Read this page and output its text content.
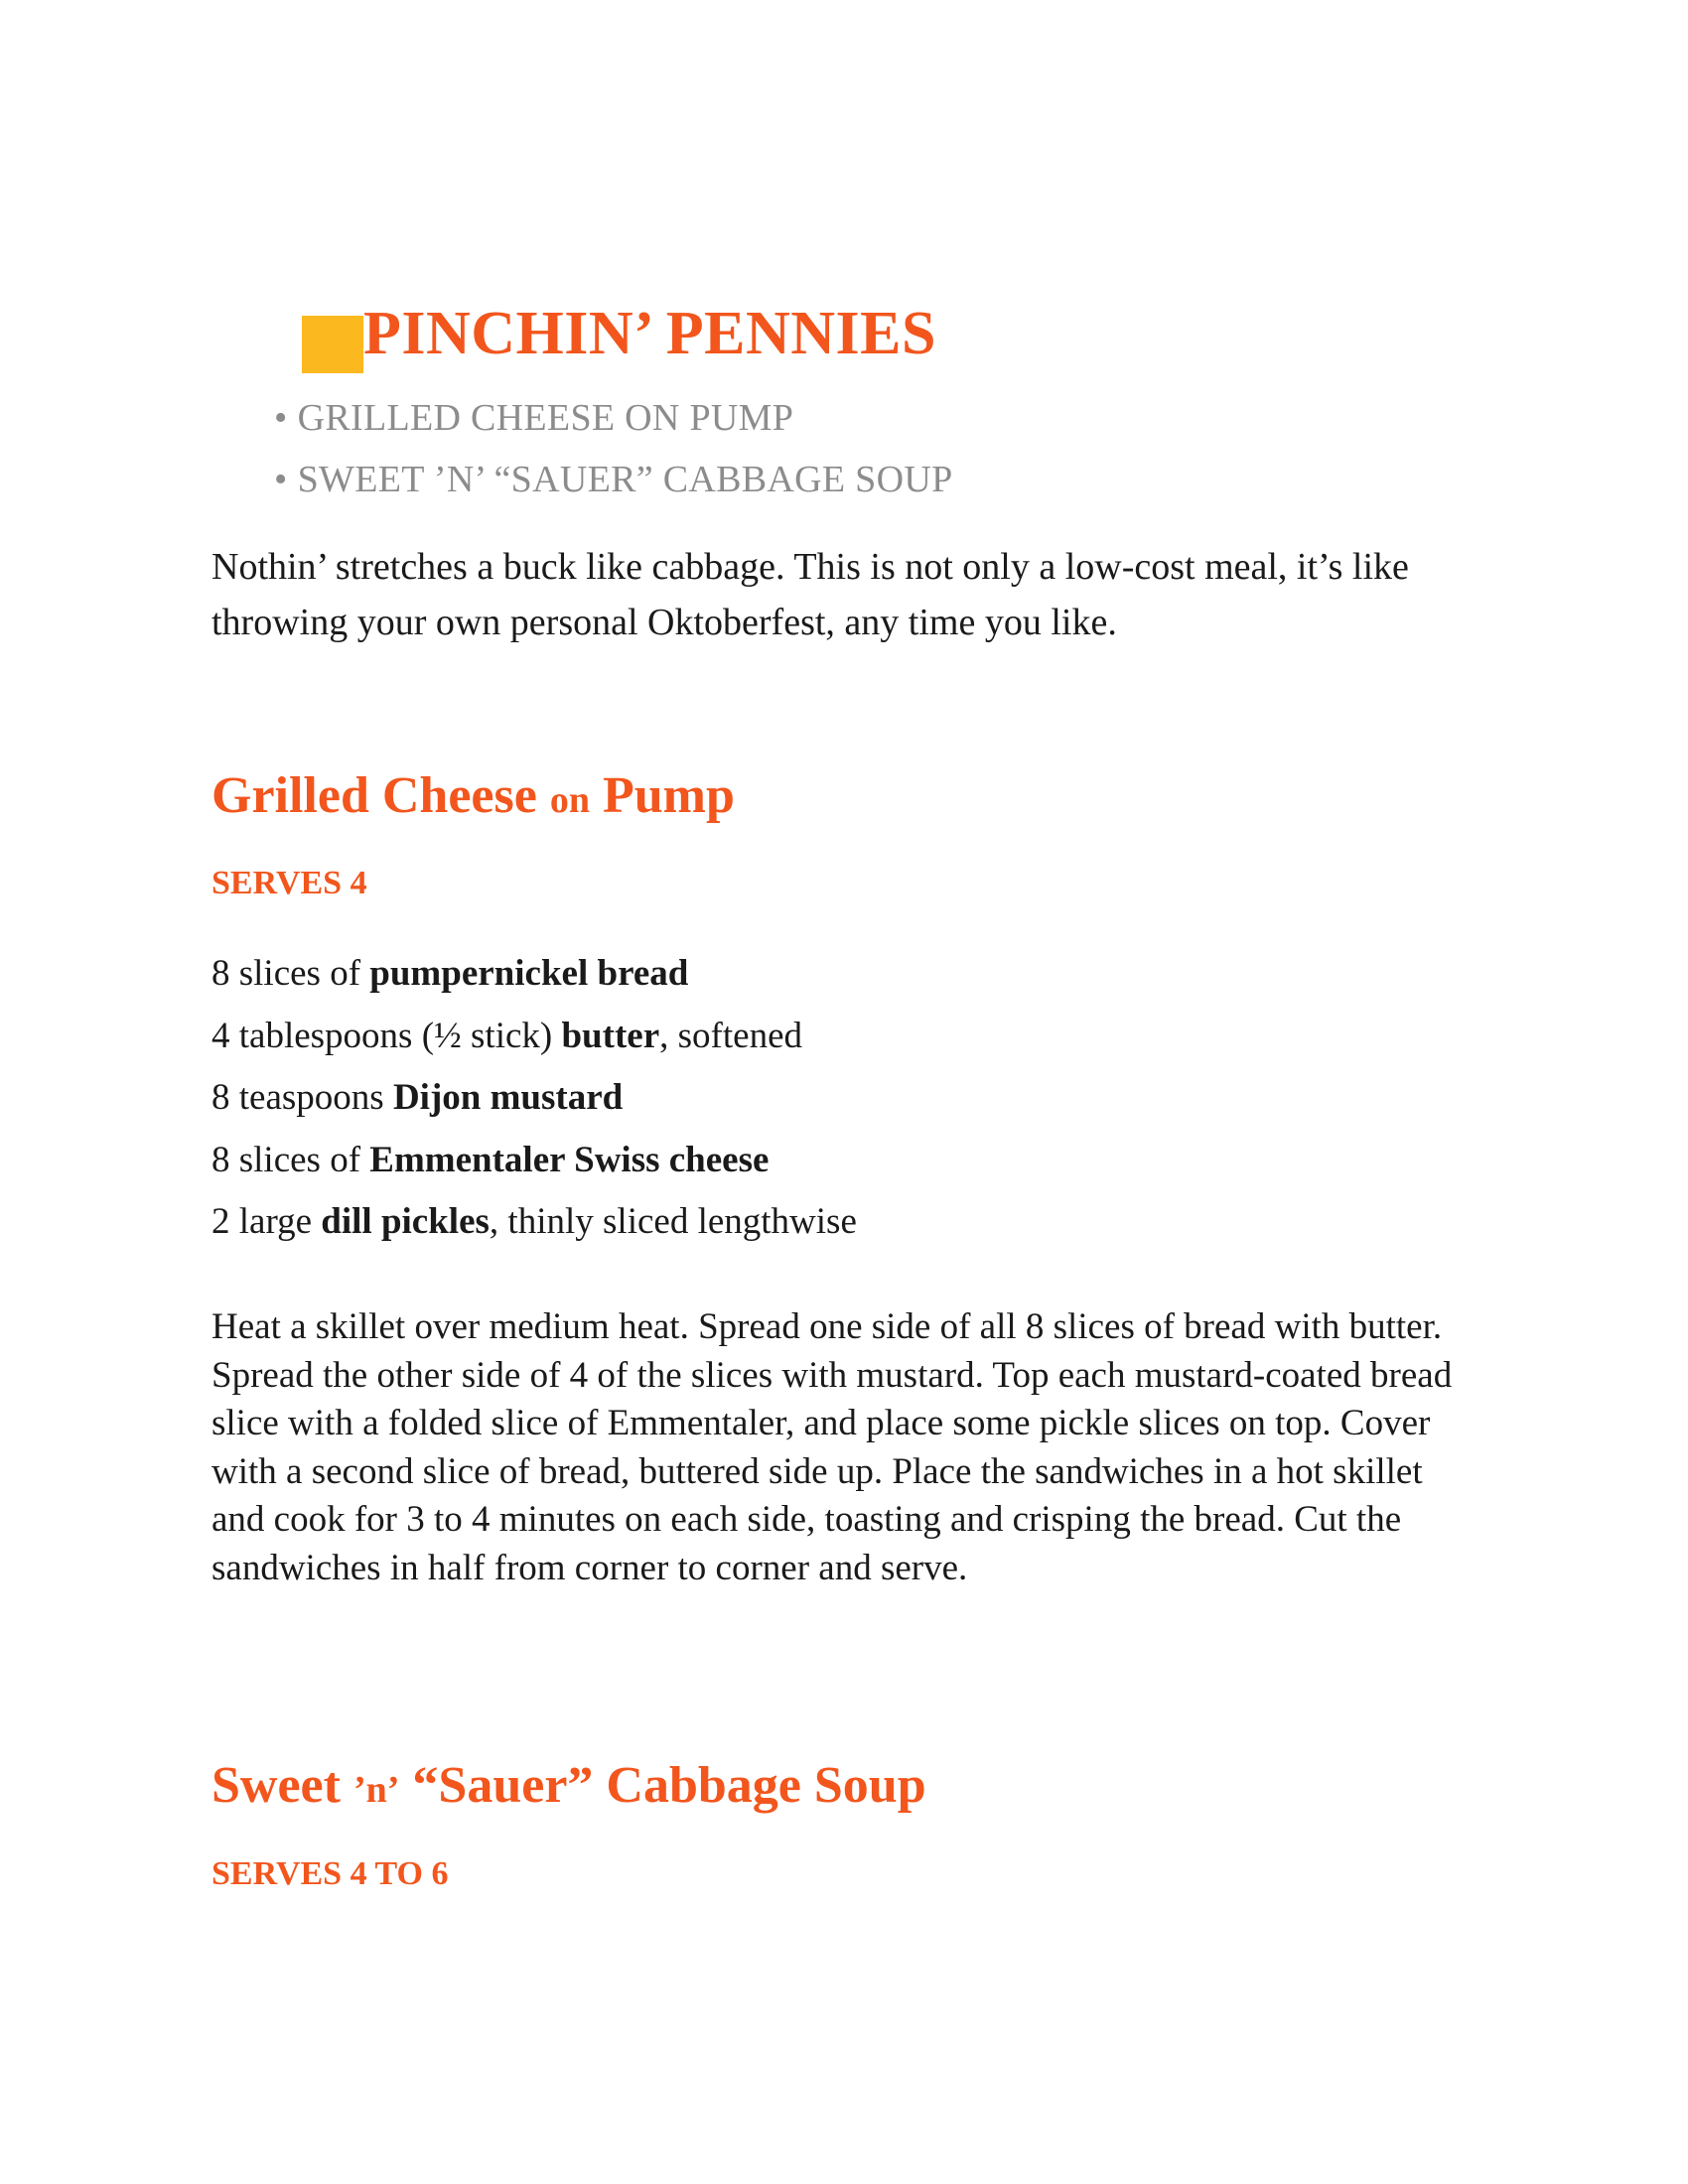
PINCHIN’ PENNIES
• GRILLED CHEESE ON PUMP
• SWEET ’N’ “SAUER” CABBAGE SOUP

Nothin’ stretches a buck like cabbage. This is not only a low-cost meal, it’s like throwing your own personal Oktoberfest, any time you like.

Grilled Cheese on Pump

SERVES 4

8 slices of pumpernickel bread
4 tablespoons (½ stick) butter, softened
8 teaspoons Dijon mustard
8 slices of Emmentaler Swiss cheese
2 large dill pickles, thinly sliced lengthwise

Heat a skillet over medium heat. Spread one side of all 8 slices of bread with butter. Spread the other side of 4 of the slices with mustard. Top each mustard-coated bread slice with a folded slice of Emmentaler, and place some pickle slices on top. Cover with a second slice of bread, buttered side up. Place the sandwiches in a hot skillet and cook for 3 to 4 minutes on each side, toasting and crisping the bread. Cut the sandwiches in half from corner to corner and serve.

Sweet ’n’ “Sauer” Cabbage Soup

SERVES 4 TO 6
